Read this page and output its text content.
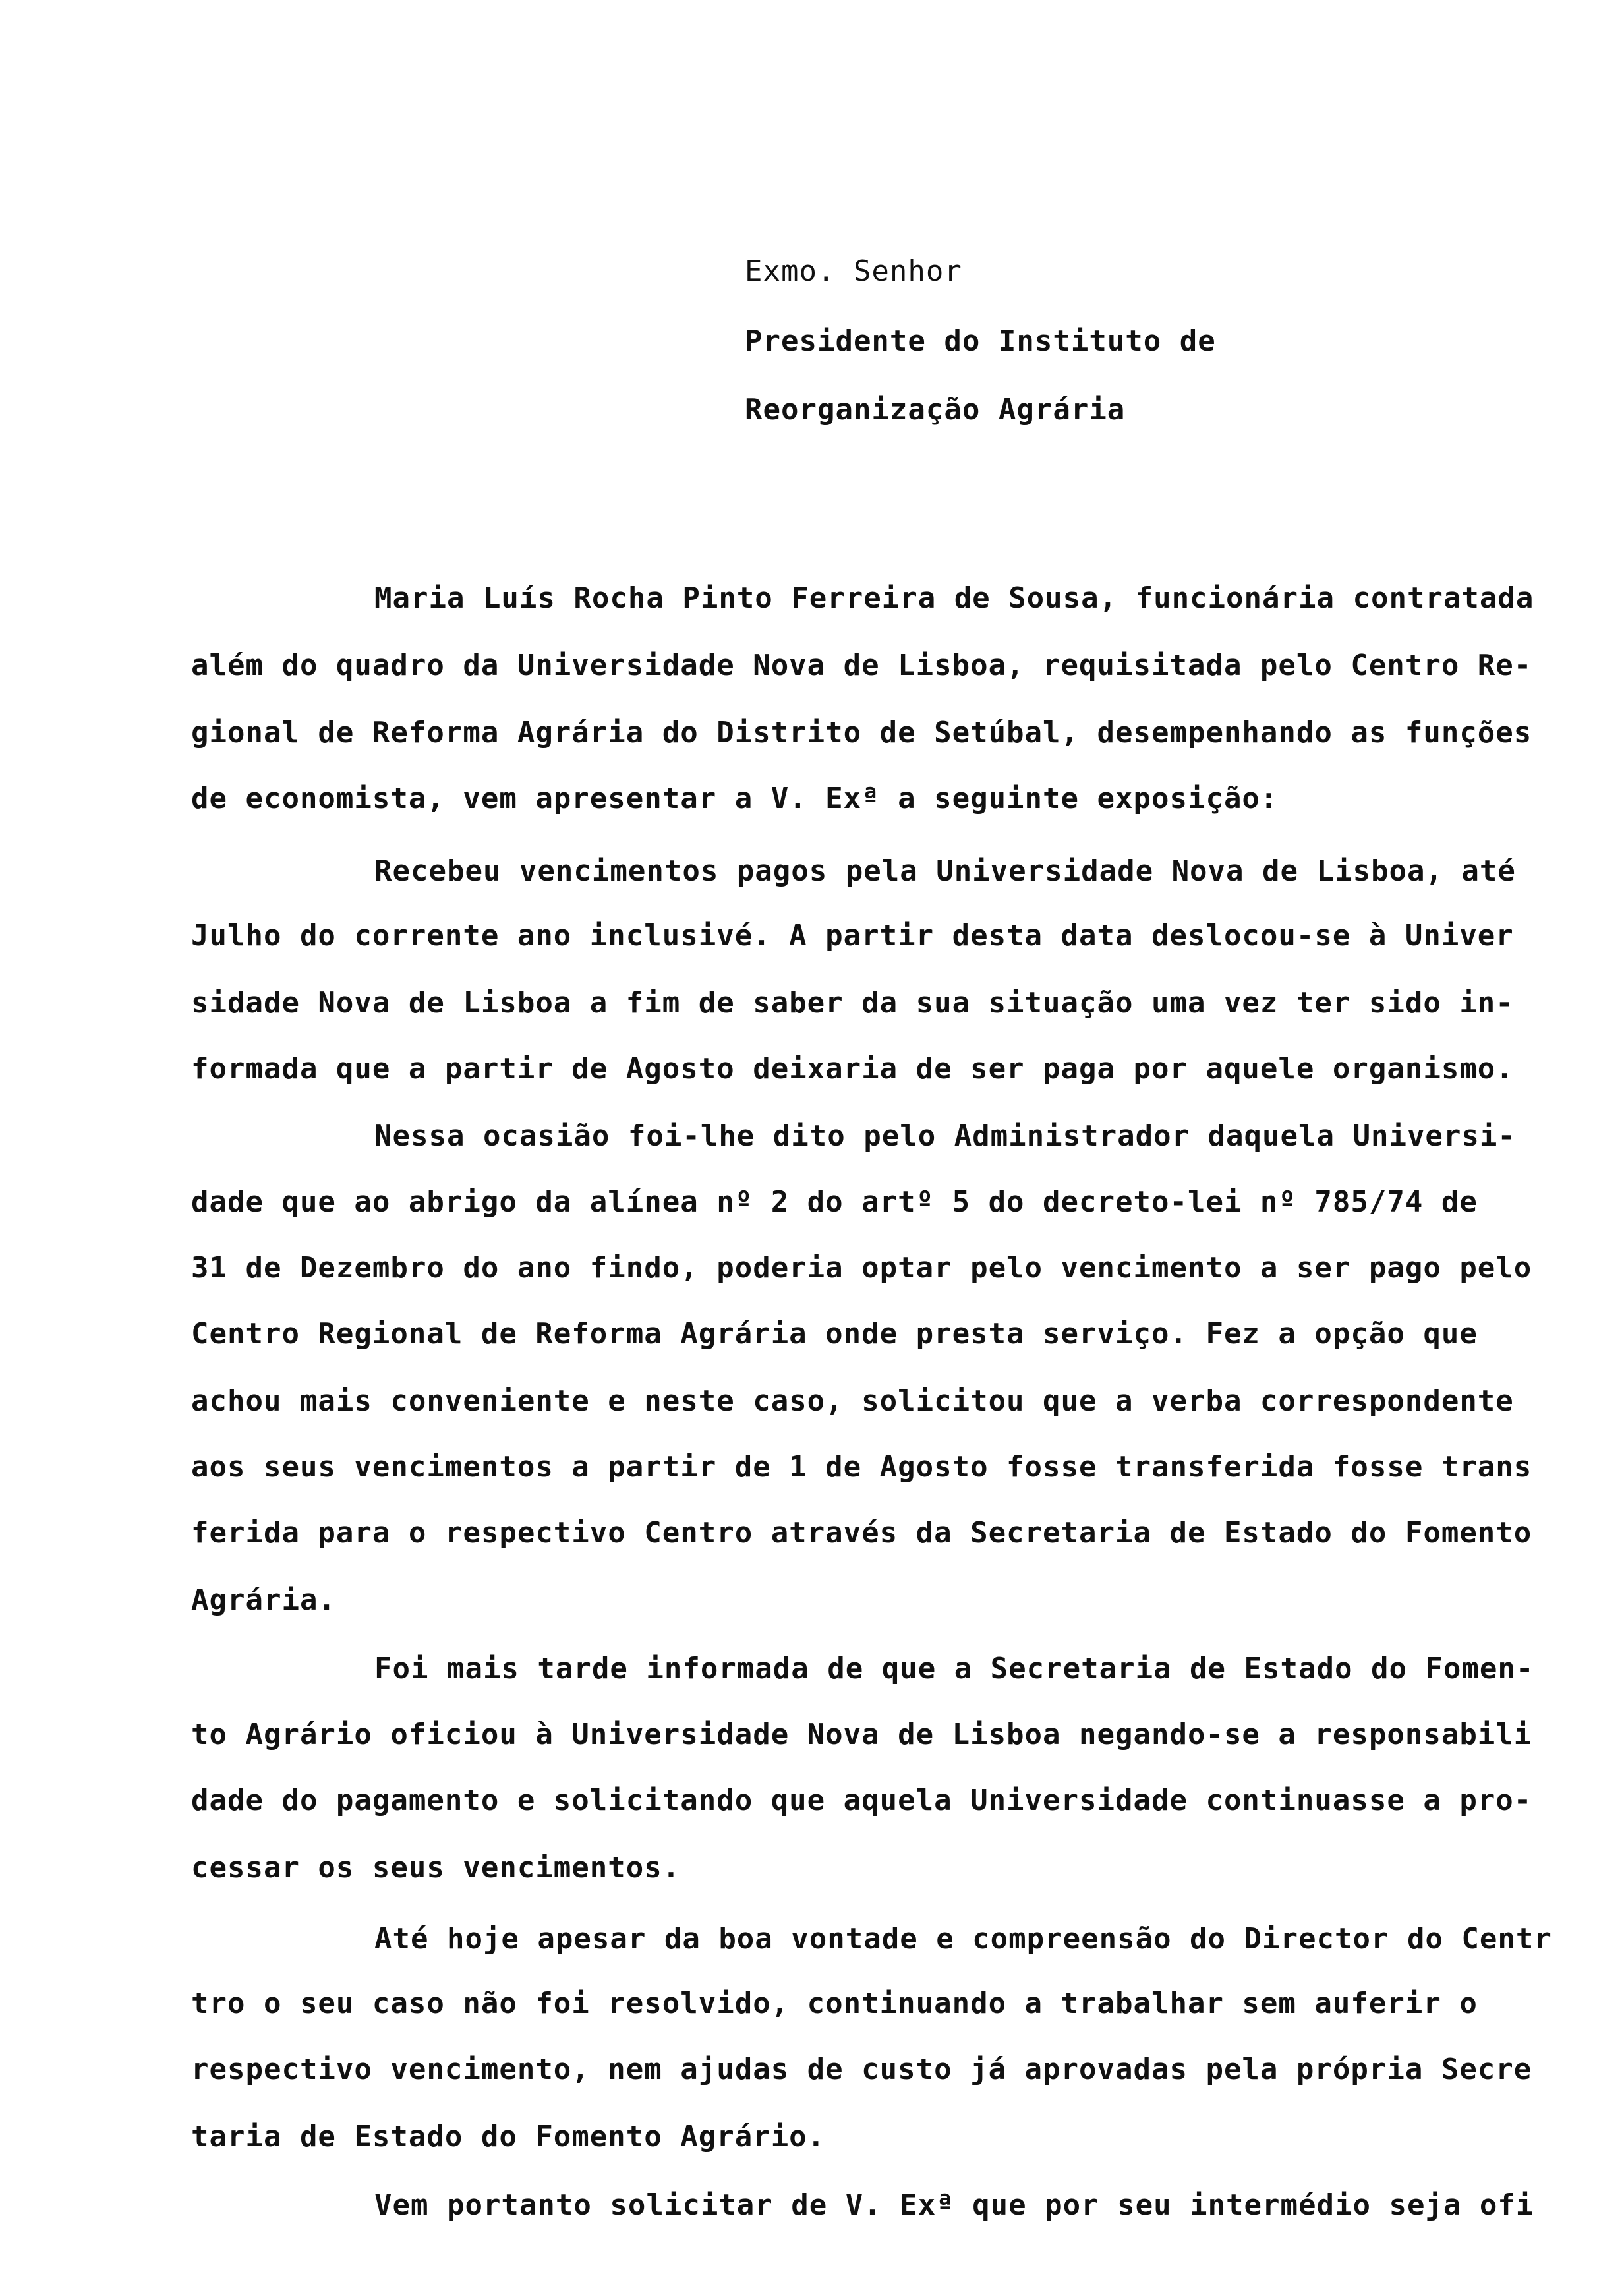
Exmo. Senhor
Presidente do Instituto de
Reorganização Agrária
Maria Luís Rocha Pinto Ferreira de Sousa, funcionária contratada
além do quadro da Universidade Nova de Lisboa, requisitada pelo Centro Re-
gional de Reforma Agrária do Distrito de Setúbal, desempenhando as funções
de economista, vem apresentar a V. Exª a seguinte exposição:
Recebeu vencimentos pagos pela Universidade Nova de Lisboa, até
Julho do corrente ano inclusivé. A partir desta data deslocou-se à Univer
sidade Nova de Lisboa a fim de saber da sua situação uma vez ter sido in-
formada que a partir de Agosto deixaria de ser paga por aquele organismo.
Nessa ocasião foi-lhe dito pelo Administrador daquela Universi-
dade que ao abrigo da alínea nº 2 do artº 5 do decreto-lei nº 785/74 de
31 de Dezembro do ano findo, poderia optar pelo vencimento a ser pago pelo
Centro Regional de Reforma Agrária onde presta serviço. Fez a opção que
achou mais conveniente e neste caso, solicitou que a verba correspondente
aos seus vencimentos a partir de 1 de Agosto fosse transferida fosse trans
ferida para o respectivo Centro através da Secretaria de Estado do Fomento
Agrária.
Foi mais tarde informada de que a Secretaria de Estado do Fomen-
to Agrário oficiou à Universidade Nova de Lisboa negando-se a responsabili
dade do pagamento e solicitando que aquela Universidade continuasse a pro-
cessar os seus vencimentos.
Até hoje apesar da boa vontade e compreensão do Director do Centr
tro o seu caso não foi resolvido, continuando a trabalhar sem auferir o
respectivo vencimento, nem ajudas de custo já aprovadas pela própria Secre
taria de Estado do Fomento Agrário.
Vem portanto solicitar de V. Exª que por seu intermédio seja ofi
